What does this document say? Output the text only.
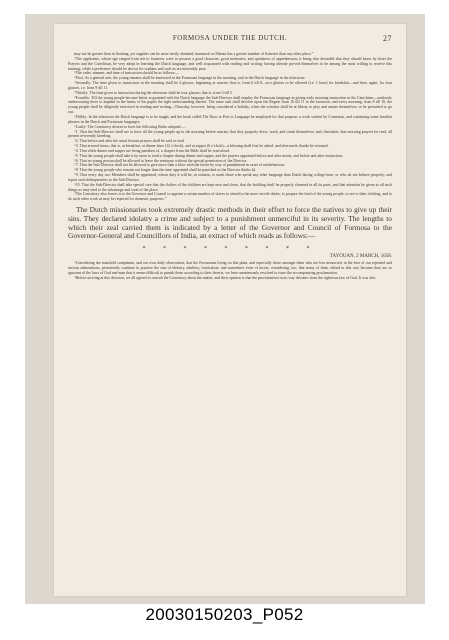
FORMOSA UNDER THE DUTCH.	27

may not be greater than in Soulang, yet supplies can be more easily obtained, inasmuch as Mattau has a greater number of fisheries than any other place.”

“The applicants, whose age ranged from ten to fourteen, were to possess a good character, good memories, and quickness of apprehension; it being also desirable that they should know by heart the Prayers and the Catechism, be very adept in learning the Dutch language, and well acquainted with reading and writing; having already proved themselves to be among the most willing to receive this training; while a preference should be shown for orphans and such as are miserably poor.

“The order, manner, and time of instruction should be as follows:—

“First: As a general rule, the young inmates shall be instructed in the Formosan language in the morning, and in the Dutch language in the afternoon.

“Secondly: The time given to instruction in the morning shall be 4 glasses, beginning at sunrise; that is, from 6 till 8—two glasses to be allowed (i.e. 1 hour) for breakfast—and then, again, for four glasses, i.e. from 9 till 11.

“Thirdly: The time given to instruction during the afternoon shall be four glasses; that is, from 3 till 5.

“Fourthly: Till the young people become better acquainted with the Dutch language the Sub-Director shall employ the Formosan language in giving early morning instruction in the Catechism—zealously endeavouring there to implant in the hearts of his pupils the right understanding thereof. The same task shall devolve upon the Regent from 10 till 11 in the forenoon, and every morning, from 8 till 10, the young people shall be diligently exercised in reading and writing—Thursday, however, being considered a holiday, when the scholars shall be at liberty to play and amuse themselves, or be permitted to go out.

“Fifthly: In the afternoon the Dutch language is to be taught, and the book called The Door or Port to Language be employed for that purpose; a work written by Comenius, and containing some familiar phrases in the Dutch and Formosan languages.

“Lastly: The Consistory desires to have the following Rules adopted:—

“1. That the Sub-Director shall see to have all the young people up in the morning before sunrise; that they properly dress, wash, and comb themselves; and, thereafter, that morning prayers be read, all present reverently kneeling.

“2. That before and after the usual lessons prayers shall be said or read.

“3. That at meal-times, that is, at breakfast, at dinner-time (12 o'clock), and at supper (6 o'clock)—a blessing shall first be asked, and afterwards thanks be returned.

“4. That while dinner and supper are being partaken of, a chapter from the Bible shall be read aloud.

“5. That the young people shall take it by turns to read a chapter during dinner and supper, and the prayers appointed before and after meals, and before and after instruction.

“6. That no young person shall be allowed to leave the seminary without the special permission of the Director.

“7. That the Sub-Director shall not be allowed to give more than a blow with the ferule by way of punishment in cases of misbehaviour.

“8. That the young people who remain out longer than the time appointed shall be punished as the Director thinks fit.

“9. That every day two Members shall be appointed, whose duty it will be, in rotation, to mark those who speak any other language than Dutch during college-time, or who do not behave properly; and report such delinquencies to the Sub-Director.

“10. That the Sub-Director shall take special care that the clothes of the children are kept neat and clean, that the building itself be properly cleansed in all its parts, and that attention be given to all such things as may tend to the advantage and weal of the place.

“The Consistory also leaves it to the Governor and Council to appoint a certain number of slaves to attend to the more servile duties, to prepare the food of the young people, to see to their clothing, and to do such other work as may be required for domestic purposes.”

The Dutch missionaries took extremely drastic methods in their effort to force the natives to give up their sins. They declared idolatry a crime and subject to a punishment unmerciful in its severity. The lengths to which their zeal carried them is indicated by a letter of the Governor and Council of Formosa to the Governor-General and Councillors of India, an extract of which reads as follows:—

* * * * * * * * *
TAYOUAN, 2 MARCH, 1658.

“Considering the manifold complaints, and our own daily observation, that the Formosans living on this plain, and especially those amongst them who are less instructed, in the face of our repeated and serious admonitions, persistently continue to practise the sins of idolatry, adultery, fornication, and sometimes even of incest; considering, too, that many of them offend in this way because they are so ignorant of the laws of God and man that it seems difficult to punish them according to their deserts, we have unanimously resolved to issue the accompanying proclamation.

“Before arriving at this decision, we all agreed to consult the Consistory about the matter, and their opinion is that the proclamation in no way deviates from the righteous law of God. It was also

20030150203_P052
